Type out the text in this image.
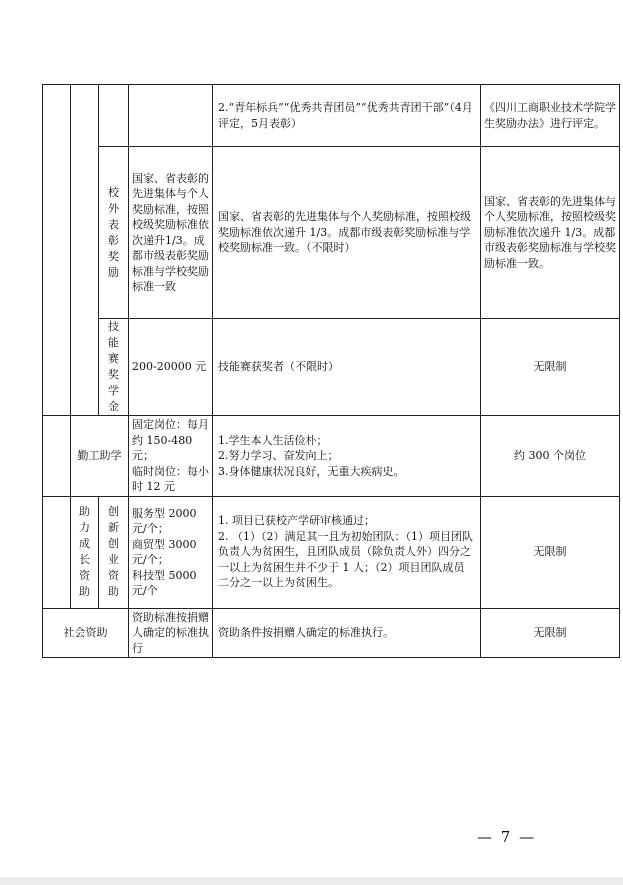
				2.“青年标兵”“优秀共青团员”“优秀共青团干部”（4月评定，5月表彰）	《四川工商职业技术学院学生奖励办法》进行评定。

		校外表彰奖励	国家、省表彰的先进集体与个人奖励标准，按照校级奖励标准依次递升1/3。成都市级表彰奖励标准与学校奖励标准一致	国家、省表彰的先进集体与个人奖励标准，按照校级奖励标准依次递升 1/3。成都市级表彰奖励标准与学校奖励标准一致。（不限时）	国家、省表彰的先进集体与个人奖励标准，按照校级奖励标准依次递升 1/3。成都市级表彰奖励标准与学校奖励标准一致。

		技能赛奖学金	200-20000 元	技能赛获奖者（不限时）	无限制
	勤工助学		固定岗位：每月约 150-480 元；
临时岗位：每小时 12 元	1.学生本人生活俭朴；
2.努力学习、奋发向上；
3.身体健康状况良好，无重大疾病史。	约 300 个岗位

	助力成长资助	创新创业资助	服务型 2000 元/个；
商贸型 3000 元/个；
科技型 5000 元/个	1. 项目已获校产学研审核通过；
2. （1）（2）满足其一且为初始团队：（1）项目团队负责人为贫困生，且团队成员（除负责人外）四分之一以上为贫困生并不少于 1 人；（2）项目团队成员二分之一以上为贫困生。	无限制
社会资助			资助标准按捐赠人确定的标准执行	资助条件按捐赠人确定的标准执行。	无限制
— 7 —
